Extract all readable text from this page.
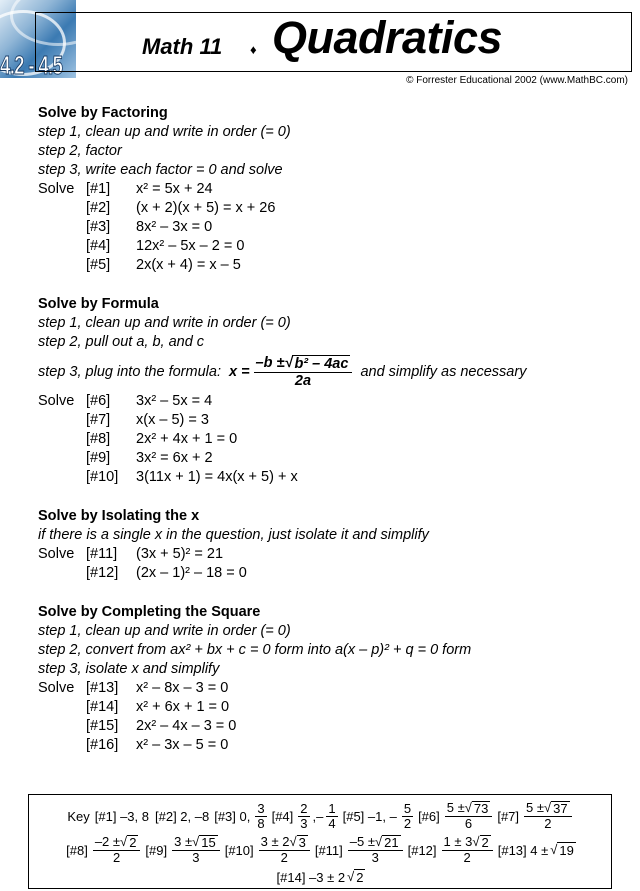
4.2 - 4.5
Math 11 ♦ Quadratics
© Forrester Educational 2002 (www.MathBC.com)
Solve by Factoring
step 1, clean up and write in order (= 0)
step 2, factor
step 3, write each factor = 0 and solve
Solve [#1]	x² = 5x + 24
[#2]	(x + 2)(x + 5) = x + 26
[#3]	8x² – 3x = 0
[#4]	12x² – 5x – 2 = 0
[#5]	2x(x + 4) = x – 5
Solve by Formula
step 1, clean up and write in order (= 0)
step 2, pull out a, b, and c
step 3, plug into the formula: $x = \frac{\text{–b ± √ b² – 4ac}}{2a}$ and simplify as necessary
Solve [#6]	3x² – 5x = 4
[#7]	x(x – 5) = 3
[#8]	2x² + 4x + 1 = 0
[#9]	3x² = 6x + 2
[#10]	3(11x + 1) = 4x(x + 5) + x
Solve by Isolating the x
if there is a single x in the question, just isolate it and simplify
Solve [#11]	(3x + 5)² = 21
[#12]	(2x – 1)² – 18 = 0
Solve by Completing the Square
step 1, clean up and write in order (= 0)
step 2, convert from ax² + bx + c = 0 form into a(x – p)² + q = 0 form
step 3, isolate x and simplify
Solve [#13]	x² – 8x – 3 = 0
[#14]	x² + 6x + 1 = 0
[#15]	2x² – 4x – 3 = 0
[#16]	x² – 3x – 5 = 0
Key [#1] –3, 8 [#2] 2, –8 [#3] 0, $\frac{3}{8}$ [#4] $\frac{2}{3}$ , – $\frac{1}{4}$ [#5] –1, – $\frac{5}{2}$ [#6]
5 ± √ 73
6 [#7]
5 ± √ 37
2
[#8]
–2 ± √ 2
2 [#9]
3 ± √ 15
3 [#10]
3 ± 2 √ 3
2 [#11]
–5 ± √ 21
3 [#12]
1 ± 3 √ 2
2 [#13] 4 ± √ 19
[#14] –3 ± 2 √ 2
